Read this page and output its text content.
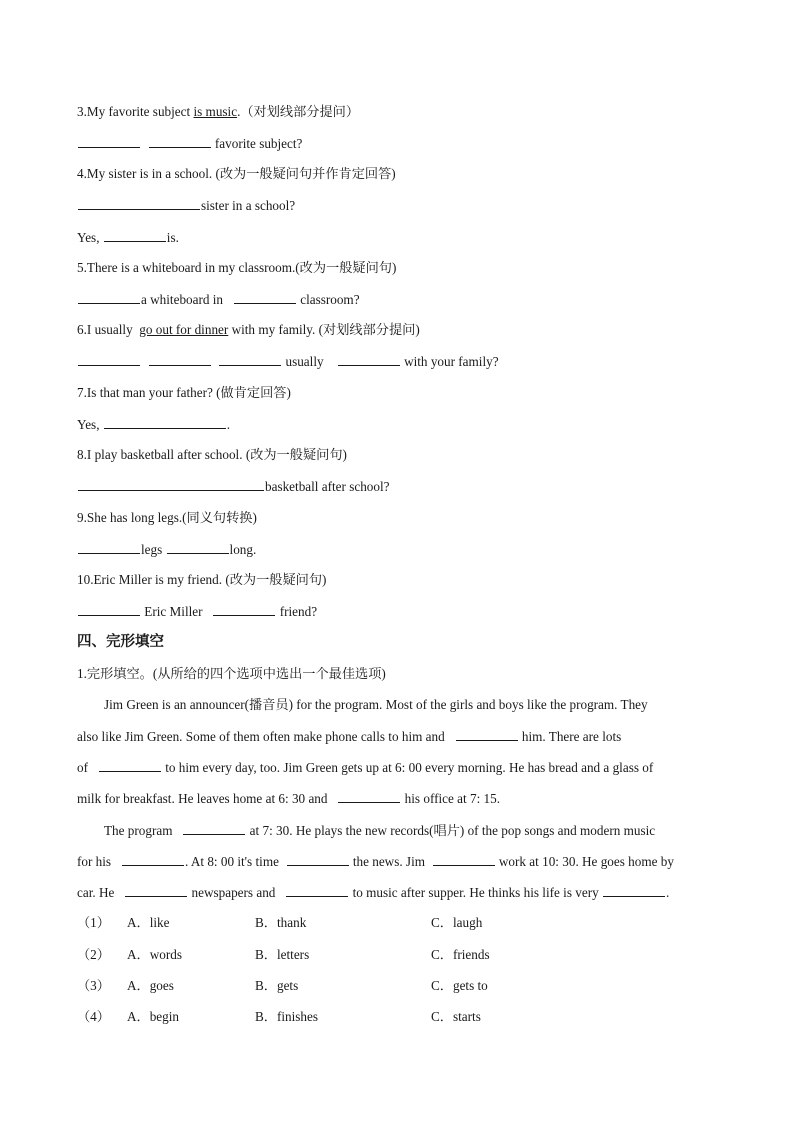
3.My favorite subject is music.（对划线部分提问）
favorite subject?
4.My sister is in a school. (改为一般疑问句并作肯定回答)
sister in a school?
Yes,	is.
5.There is a whiteboard in my classroom.(改为一般疑问句)
a whiteboard in	classroom?
6.I usually  go out for dinner with my family. (对划线部分提问)
usually	with your family?
7.Is that man your father? (做肯定回答)
Yes,	.
8.I play basketball after school. (改为一般疑问句)
basketball after school?
9.She has long legs.(同义句转换)
legs	long.
10.Eric Miller is my friend. (改为一般疑问句)
Eric Miller	friend?
四、完形填空
1.完形填空。(从所给的四个选项中选出一个最佳选项)
Jim Green is an announcer(播音员) for the program. Most of the girls and boys like the program. They
also like Jim Green. Some of them often make phone calls to him and	him. There are lots
of	to him every day, too. Jim Green gets up at 6: 00 every morning. He has bread and a glass of
milk for breakfast. He leaves home at 6: 30 and	his office at 7: 15.
The program	at 7: 30. He plays the new records(唱片) of the pop songs and modern music
for his	. At 8: 00 it's time	the news. Jim	work at 10: 30. He goes home by
car. He	newspapers and	to music after supper. He thinks his life is very	.
（1） A．like	B．thank	C．laugh
（2） A．words	B．letters	C．friends
（3） A．goes	B．gets	C．gets to
（4） A．begin	B．finishes	C．starts
